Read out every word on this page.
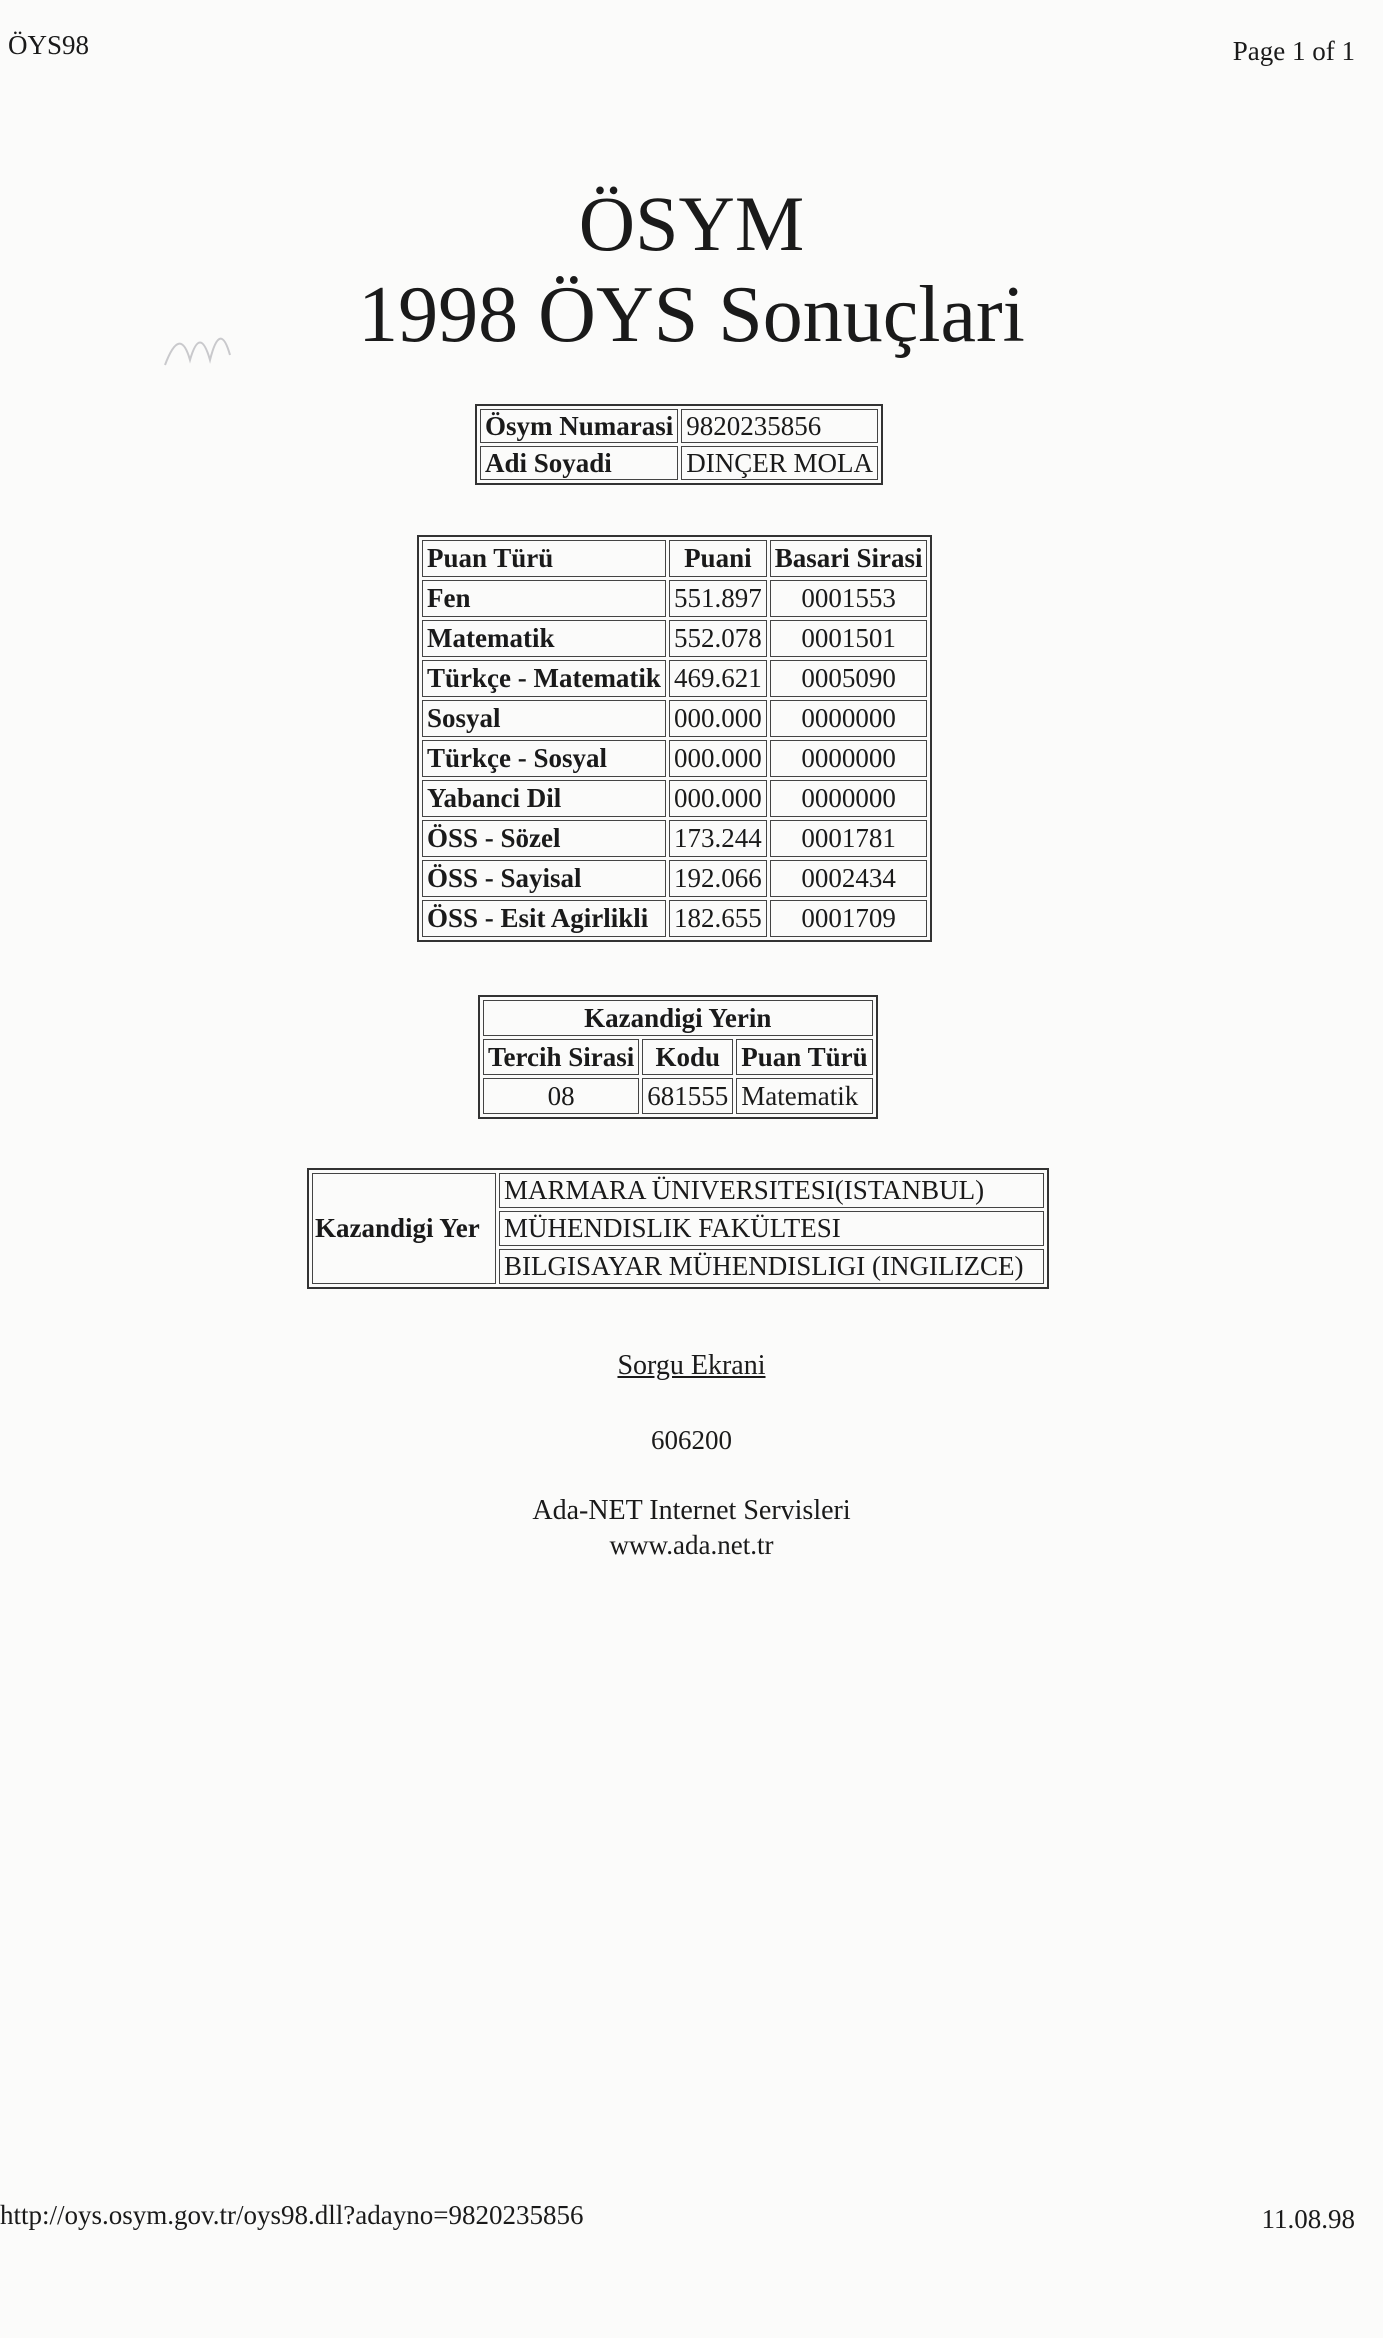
ÖYS98	Page 1 of 1
ÖSYM
1998 ÖYS Sonuçlari
Ösym Numarasi	9820235856
Adi Soyadi	DINÇER MOLA
Puan Türü	Puani	Basari Sirasi
Fen	551.897	0001553
Matematik	552.078	0001501
Türkçe - Matematik	469.621	0005090
Sosyal	000.000	0000000
Türkçe - Sosyal	000.000	0000000
Yabanci Dil	000.000	0000000
ÖSS - Sözel	173.244	0001781
ÖSS - Sayisal	192.066	0002434
ÖSS - Esit Agirlikli	182.655	0001709
Kazandigi Yerin		
Tercih Sirasi	Kodu	Puan Türü
08	681555	Matematik
Kazandigi Yer	MARMARA ÜNIVERSITESI(ISTANBUL)
MÜHENDISLIK FAKÜLTESI
BILGISAYAR MÜHENDISLIGI (INGILIZCE)
Sorgu Ekrani
606200
Ada-NET Internet Servisleri
www.ada.net.tr
http://oys.osym.gov.tr/oys98.dll?adayno=9820235856	11.08.98
